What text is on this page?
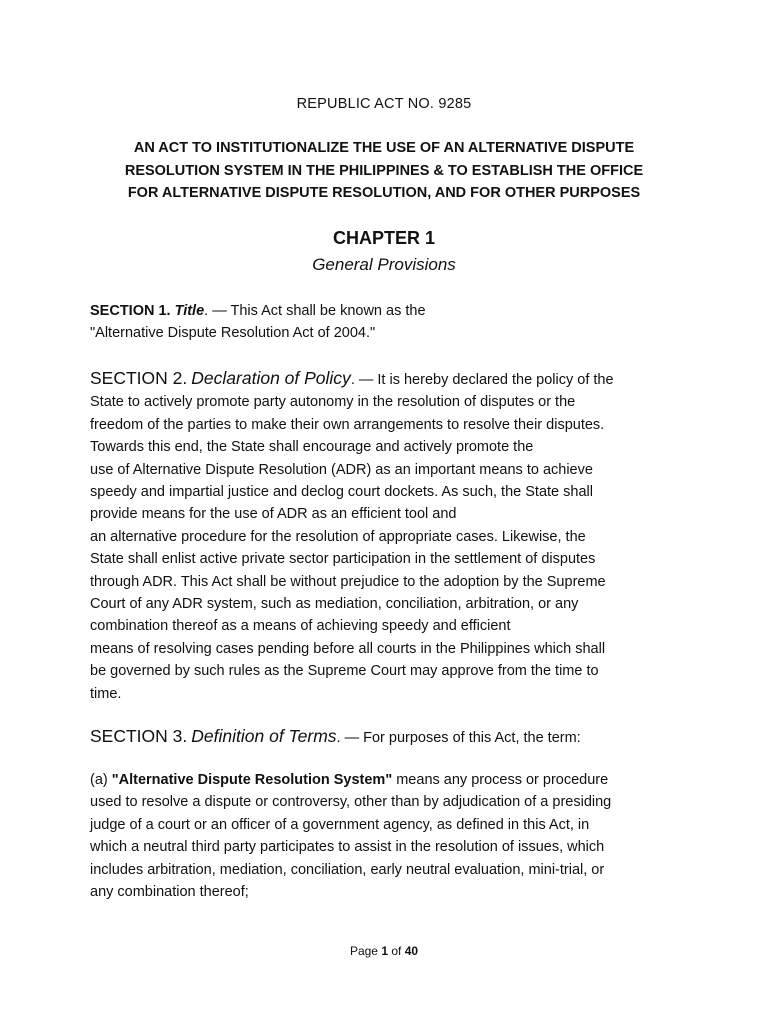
REPUBLIC ACT NO. 9285
AN ACT TO INSTITUTIONALIZE THE USE OF AN ALTERNATIVE DISPUTE
RESOLUTION SYSTEM IN THE PHILIPPINES & TO ESTABLISH THE OFFICE
FOR ALTERNATIVE DISPUTE RESOLUTION, AND FOR OTHER PURPOSES
CHAPTER 1
General Provisions
SECTION 1. Title. — This Act shall be known as the
"Alternative Dispute Resolution Act of 2004."
SECTION 2. Declaration of Policy. — It is hereby declared the policy of the
State to actively promote party autonomy in the resolution of disputes or the
freedom of the parties to make their own arrangements to resolve their disputes.
Towards this end, the State shall encourage and actively promote the
use of Alternative Dispute Resolution (ADR) as an important means to achieve
speedy and impartial justice and declog court dockets. As such, the State shall
provide means for the use of ADR as an efficient tool and
an alternative procedure for the resolution of appropriate cases. Likewise, the
State shall enlist active private sector participation in the settlement of disputes
through ADR. This Act shall be without prejudice to the adoption by the Supreme
Court of any ADR system, such as mediation, conciliation, arbitration, or any
combination thereof as a means of achieving speedy and efficient
means of resolving cases pending before all courts in the Philippines which shall
be governed by such rules as the Supreme Court may approve from the time to
time.
SECTION 3. Definition of Terms. — For purposes of this Act, the term:
(a) "Alternative Dispute Resolution System" means any process or procedure
used to resolve a dispute or controversy, other than by adjudication of a presiding
judge of a court or an officer of a government agency, as defined in this Act, in
which a neutral third party participates to assist in the resolution of issues, which
includes arbitration, mediation, conciliation, early neutral evaluation, mini-trial, or
any combination thereof;
Page 1 of 40
